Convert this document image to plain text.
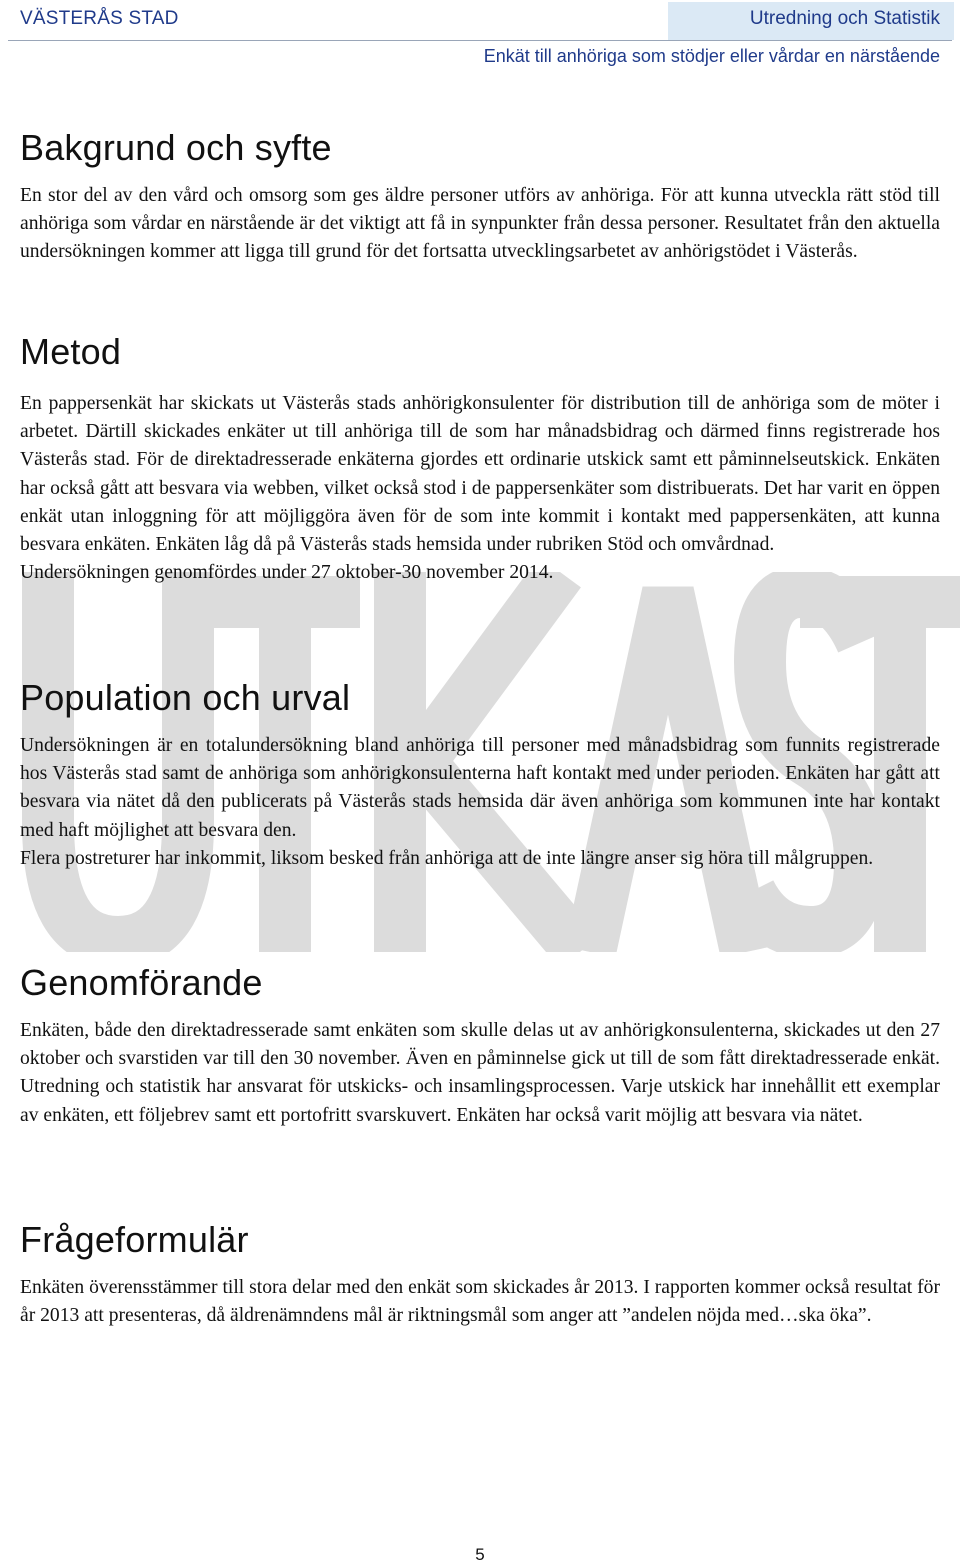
VÄSTERÅS STAD	Utredning och Statistik
Enkät till anhöriga som stödjer eller vårdar en närstående
Bakgrund och syfte

En stor del av den vård och omsorg som ges äldre personer utförs av anhöriga. För att kunna utveckla rätt stöd till anhöriga som vårdar en närstående är det viktigt att få in synpunkter från dessa personer. Resultatet från den aktuella undersökningen kommer att ligga till grund för det fortsatta utvecklingsarbetet av anhörigstödet i Västerås.

Metod

En pappersenkät har skickats ut Västerås stads anhörigkonsulenter för distribution till de anhöriga som de möter i arbetet. Därtill skickades enkäter ut till anhöriga till de som har månadsbidrag och därmed finns registrerade hos Västerås stad. För de direktadresserade enkäterna gjordes ett ordinarie utskick samt ett påminnelseutskick. Enkäten har också gått att besvara via webben, vilket också stod i de pappersenkäter som distribuerats. Det har varit en öppen enkät utan inloggning för att möjliggöra även för de som inte kommit i kontakt med pappersenkäten, att kunna besvara enkäten. Enkäten låg då på Västerås stads hemsida under rubriken Stöd och omvårdnad.

Undersökningen genomfördes under 27 oktober-30 november 2014.

Population och urval

Undersökningen är en totalundersökning bland anhöriga till personer med månadsbidrag som funnits registrerade hos Västerås stad samt de anhöriga som anhörigkonsulenterna haft kontakt med under perioden. Enkäten har gått att besvara via nätet då den publicerats på Västerås stads hemsida där även anhöriga som kommunen inte har kontakt med haft möjlighet att besvara den.

Flera postreturer har inkommit, liksom besked från anhöriga att de inte längre anser sig höra till målgruppen.

Genomförande

Enkäten, både den direktadresserade samt enkäten som skulle delas ut av anhörigkonsulenterna, skickades ut den 27 oktober och svarstiden var till den 30 november. Även en påminnelse gick ut till de som fått direktadresserade enkät. Utredning och statistik har ansvarat för utskicks- och insamlingsprocessen. Varje utskick har innehållit ett exemplar av enkäten, ett följebrev samt ett portofritt svarskuvert. Enkäten har också varit möjlig att besvara via nätet.

Frågeformulär

Enkäten överensstämmer till stora delar med den enkät som skickades år 2013. I rapporten kommer också resultat för år 2013 att presenteras, då äldrenämndens mål är riktningsmål som anger att ”andelen nöjda med…ska öka”.

5
